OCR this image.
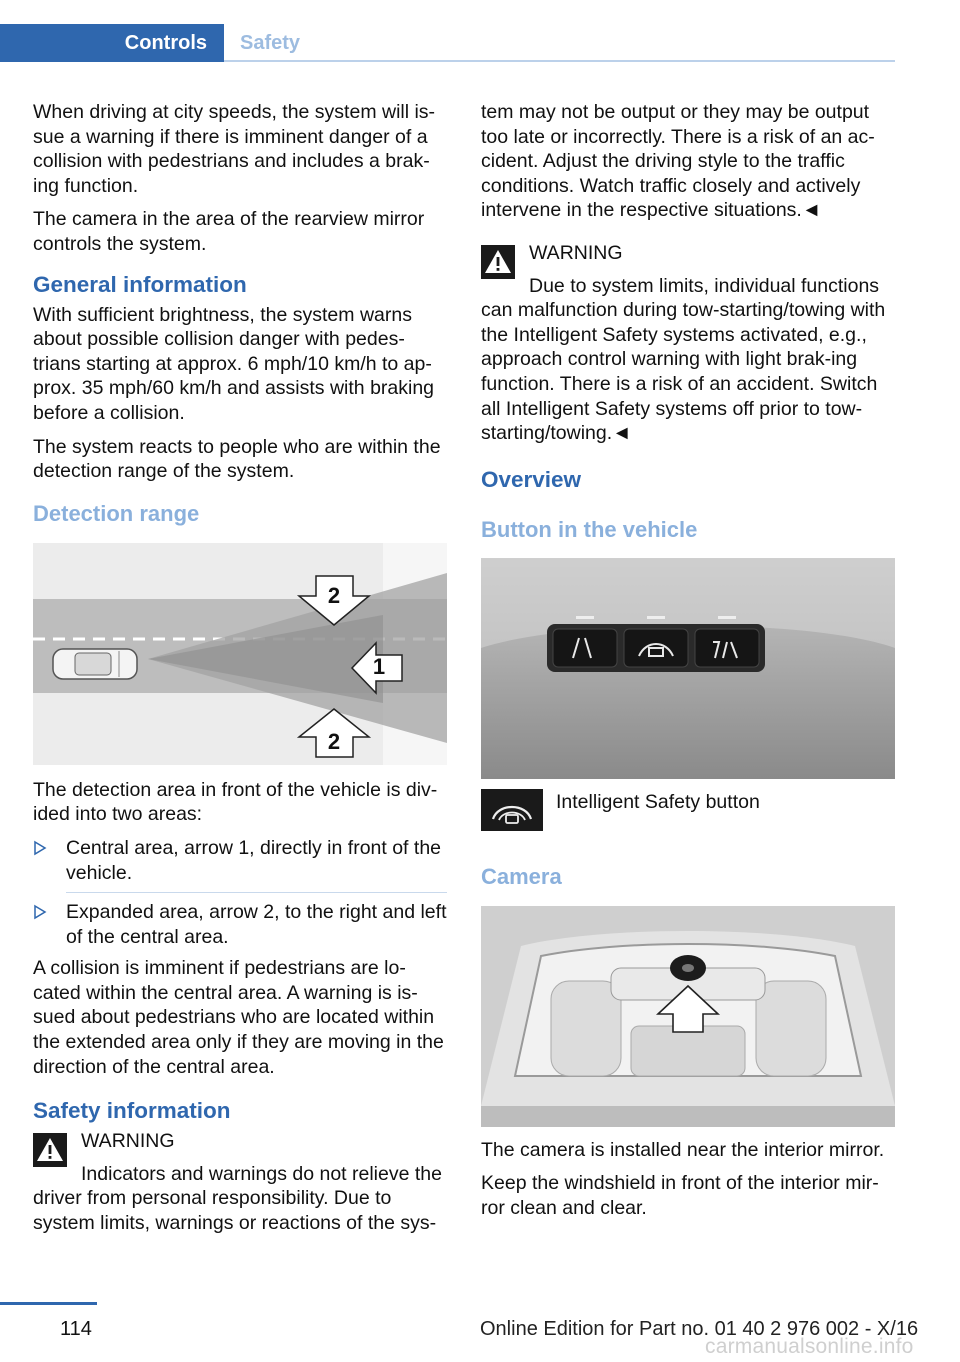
Controls	Safety

When driving at city speeds, the system will is-sue a warning if there is imminent danger of a collision with pedestrians and includes a brak-ing function.

The camera in the area of the rearview mirror controls the system.

General information

With sufficient brightness, the system warns about possible collision danger with pedes-trians starting at approx. 6 mph/10 km/h to ap-prox. 35 mph/60 km/h and assists with braking before a collision.

The system reacts to people who are within the detection range of the system.

Detection range
2
1
2

The detection area in front of the vehicle is div-ided into two areas:

Central area, arrow 1, directly in front of the vehicle.
Expanded area, arrow 2, to the right and left of the central area.

A collision is imminent if pedestrians are lo-cated within the central area. A warning is is-sued about pedestrians who are located within the extended area only if they are moving in the direction of the central area.

Safety information
WARNING
Indicators and warnings do not relieve the driver from personal responsibility. Due to system limits, warnings or reactions of the sys-

tem may not be output or they may be output too late or incorrectly. There is a risk of an ac-cident. Adjust the driving style to the traffic conditions. Watch traffic closely and actively intervene in the respective situations.◄

WARNING
Due to system limits, individual functions can malfunction during tow-starting/towing with the Intelligent Safety systems activated, e.g., approach control warning with light brak-ing function. There is a risk of an accident. Switch all Intelligent Safety systems off prior to tow-starting/towing.◄
Overview
Button in the vehicle
Intelligent Safety button
Camera

The camera is installed near the interior mirror.

Keep the windshield in front of the interior mir-ror clean and clear.

114	Online Edition for Part no. 01 40 2 976 002 - X/16
carmanualsonline.info
